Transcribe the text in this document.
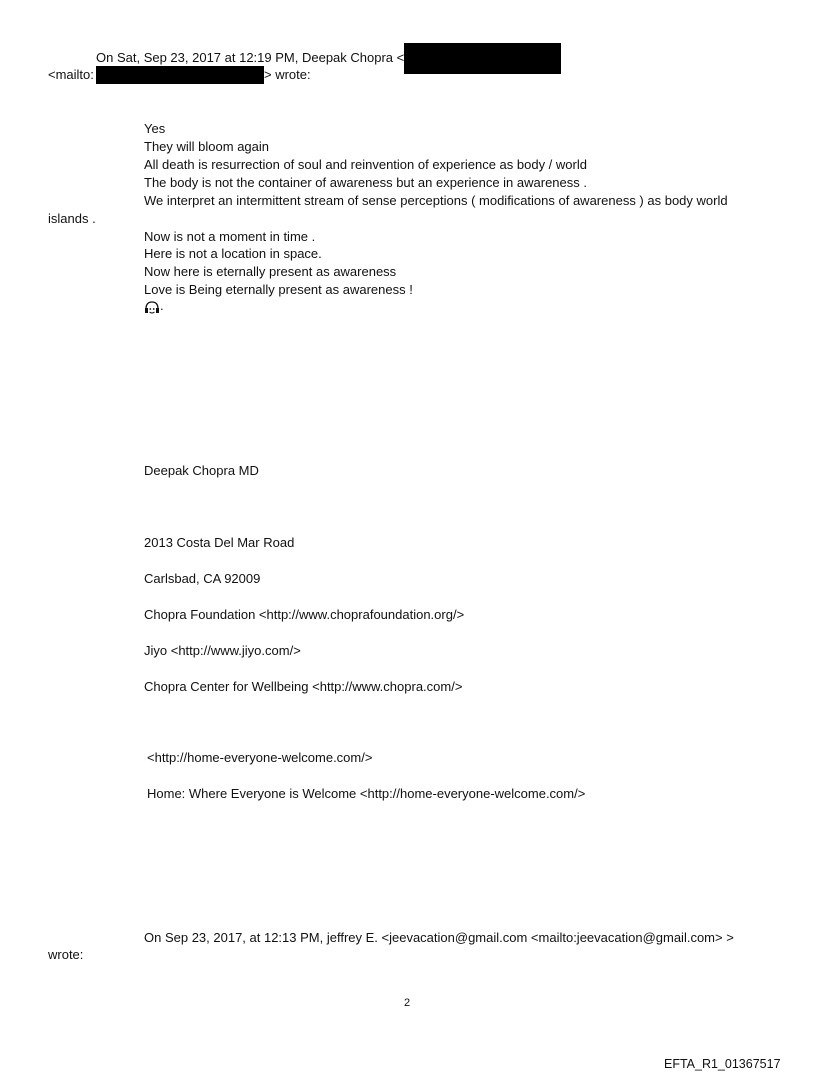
On Sat, Sep 23, 2017 at 12:19 PM, Deepak Chopra <
<mailto:	> wrote:
Yes
They will bloom again
All death is resurrection of soul and reinvention of experience as body / world
The body is not the container of awareness but an experience in awareness .
We interpret an intermittent stream of sense perceptions ( modifications of awareness ) as body world
islands .
Now is not a moment in time .
Here is not a location in space.
Now here is eternally present as awareness
Love is Being eternally present as awareness !
.
Deepak Chopra MD
2013 Costa Del Mar Road
Carlsbad, CA 92009
Chopra Foundation <http://www.choprafoundation.org/>
Jiyo <http://www.jiyo.com/>
Chopra Center for Wellbeing <http://www.chopra.com/>
<http://home-everyone-welcome.com/>
Home: Where Everyone is Welcome <http://home-everyone-welcome.com/>
On Sep 23, 2017, at 12:13 PM, jeffrey E. <jeevacation@gmail.com <mailto:jeevacation@gmail.com> >
wrote:
2
EFTA_R1_01367517
